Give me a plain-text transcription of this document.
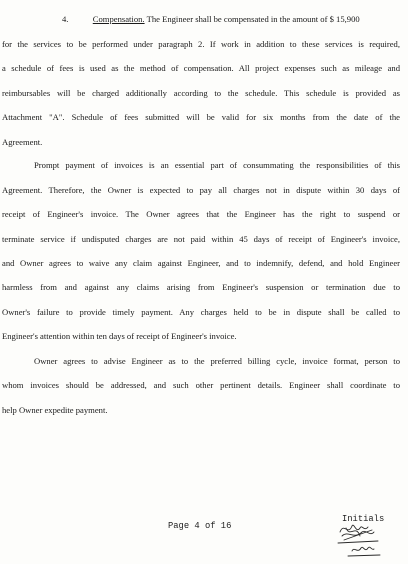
4.	Compensation. The Engineer shall be compensated in the amount of $ 15,900
for the services to be performed under paragraph 2. If work in addition to these services is required,
a schedule of fees is used as the method of compensation. All project expenses such as mileage and
reimbursables will be charged additionally according to the schedule. This schedule is provided as
Attachment "A". Schedule of fees submitted will be valid for six months from the date of the
Agreement.
Prompt payment of invoices is an essential part of consummating the responsibilities of this
Agreement. Therefore, the Owner is expected to pay all charges not in dispute within 30 days of
receipt of Engineer's invoice. The Owner agrees that the Engineer has the right to suspend or
terminate service if undisputed charges are not paid within 45 days of receipt of Engineer's invoice,
and Owner agrees to waive any claim against Engineer, and to indemnify, defend, and hold Engineer
harmless from and against any claims arising from Engineer's suspension or termination due to
Owner's failure to provide timely payment. Any charges held to be in dispute shall be called to
Engineer's attention within ten days of receipt of Engineer's invoice.
Owner agrees to advise Engineer as to the preferred billing cycle, invoice format, person to
whom invoices should be addressed, and such other pertinent details. Engineer shall coordinate to
help Owner expedite payment.
Page 4 of 16
Initials
